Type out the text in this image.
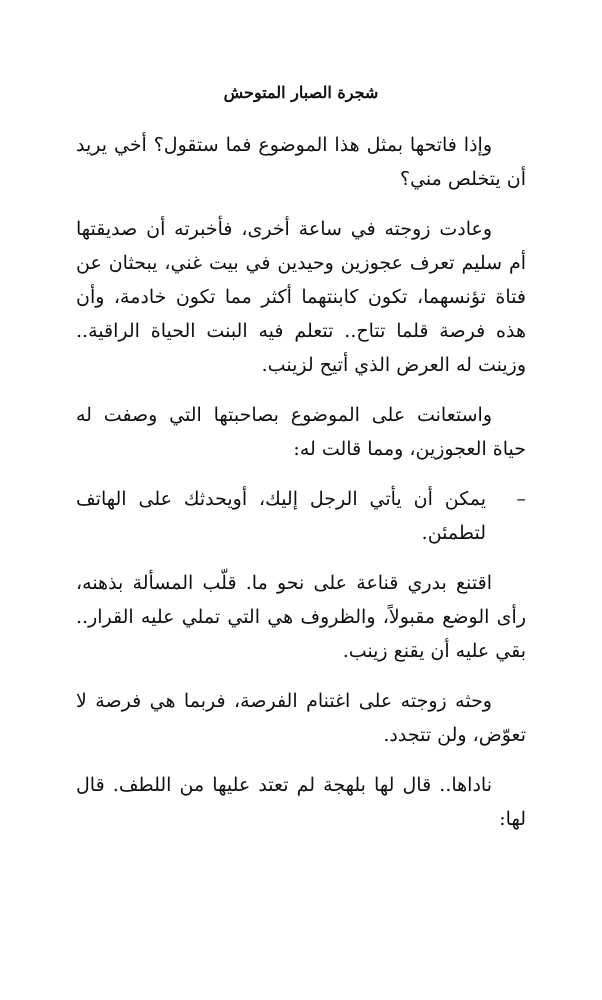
شجرة الصبار المتوحش

وإذا فاتحها بمثل هذا الموضوع فما ستقول؟ أخي يريد أن يتخلص مني؟

وعادت زوجته في ساعة أخرى، فأخبرته أن صديقتها أم سليم تعرف عجوزين وحيدين في بيت غني، يبحثان عن فتاة تؤنسهما، تكون كابنتهما أكثر مما تكون خادمة، وأن هذه فرصة قلما تتاح.. تتعلم فيه البنت الحياة الراقية.. وزينت له العرض الذي أتيح لزينب.

واستعانت على الموضوع بصاحبتها التي وصفت له حياة العجوزين، ومما قالت له:

–
يمكن أن يأتي الرجل إليك، أويحدثك على الهاتف لتطمئن.

اقتنع بدري قناعة على نحو ما. قلّب المسألة بذهنه، رأى الوضع مقبولاً، والظروف هي التي تملي عليه القرار.. بقي عليه أن يقنع زينب.

وحثه زوجته على اغتنام الفرصة، فربما هي فرصة لا تعوّض، ولن تتجدد.

ناداها.. قال لها بلهجة لم تعتد عليها من اللطف. قال لها:
